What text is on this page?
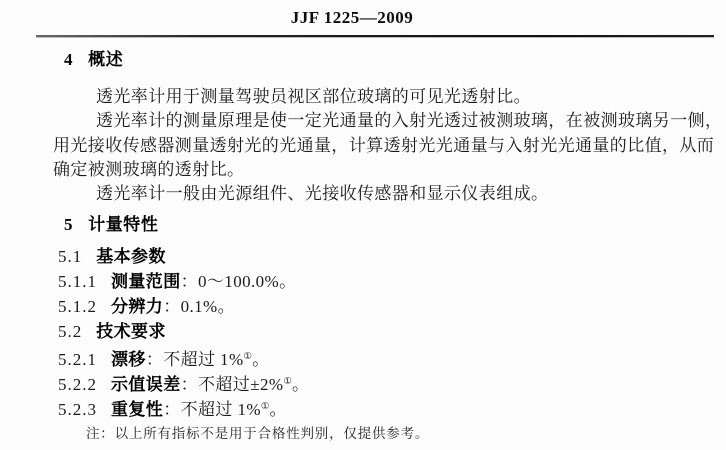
JJF 1225—2009
4 概述
透光率计用于测量驾驶员视区部位玻璃的可见光透射比。
透光率计的测量原理是使一定光通量的入射光透过被测玻璃，在被测玻璃另一侧，
用光接收传感器测量透射光的光通量，计算透射光光通量与入射光光通量的比值，从而
确定被测玻璃的透射比。
透光率计一般由光源组件、光接收传感器和显示仪表组成。
5 计量特性
5.1 基本参数
5.1.1 测量范围：0～100.0%。
5.1.2 分辨力：0.1%。
5.2 技术要求
5.2.1 漂移：不超过 1%①。
5.2.2 示值误差：不超过±2%①。
5.2.3 重复性：不超过 1%①。
注：以上所有指标不是用于合格性判别，仅提供参考。
